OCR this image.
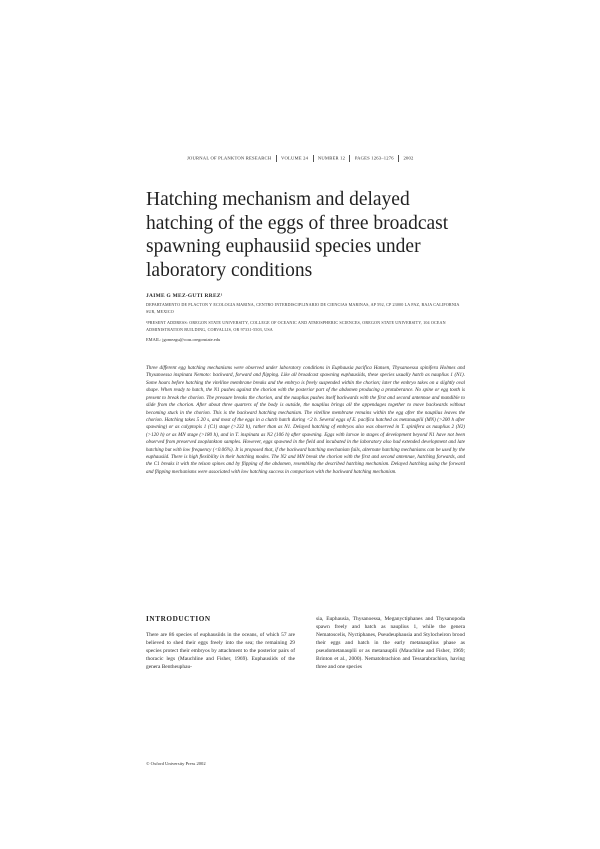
JOURNAL OF PLANKTON RESEARCH VOLUME 24 NUMBER 12 PAGES 1263–1276 2002
Hatching mechanism and delayed hatching of the eggs of three broadcast spawning euphausiid species under laboratory conditions
JAIME G MEZ-GUTI RREZ¹
DEPARTAMENTO DE PLACTON Y ECOLOGIA MARINA, CENTRO INTERDISCIPLINARIO DE CIENCIAS MARINAS, AP 592, CP 23000 LA PAZ, BAJA CALIFORNIA SUR, MEXICO
¹PRESENT ADDRESS: OREGON STATE UNIVERSITY, COLLEGE OF OCEANIC AND ATMOSPHERIC SCIENCES, OREGON STATE UNIVERSITY, 104 OCEAN ADMINISTRATION BUILDING, CORVALLIS, OR 97331-5503, USA
EMAIL: jgomezgu@coas.oregonstate.edu

Three different egg hatching mechanisms were observed under laboratory conditions in Euphausia pacifica Hansen, Thysanoessa spinifera Holmes and Thysanoessa inspinata Nemoto: backward, forward and flipping. Like all broadcast spawning euphausiids, these species usually hatch as nauplius 1 (N1). Some hours before hatching the vitelline membrane breaks and the embryo is freely suspended within the chorion; later the embryo takes on a slightly oval shape. When ready to hatch, the N1 pushes against the chorion with the posterior part of the abdomen producing a protuberance. No spine or egg tooth is present to break the chorion. The pressure breaks the chorion, and the nauplius pushes itself backwards with the first and second antennae and mandible to slide from the chorion. After about three quarters of the body is outside, the nauplius brings all the appendages together to move backwards without becoming stuck in the chorion. This is the backward hatching mechanism. The vitelline membrane remains within the egg after the nauplius leaves the chorion. Hatching takes 5 20 s, and most of the eggs in a clutch hatch during <2 h. Several eggs of E. pacifica hatched as metanauplii (MN) (>200 h after spawning) or as calyptopis 1 (C1) stage (>232 h), rather than as N1. Delayed hatching of embryos also was observed in T. spinifera as nauplius 2 (N2) (>120 h) or as MN stage (>180 h), and in T. inspinata as N2 (106 h) after spawning. Eggs with larvae in stages of development beyond N1 have not been observed from preserved zooplankton samples. However, eggs spawned in the field and incubated in the laboratory also had extended development and late hatching but with low frequency (<0.06%). It is proposed that, if the backward hatching mechanism fails, alternate hatching mechanisms can be used by the euphausiid. There is high flexibility in their hatching modes. The N2 and MN break the chorion with the first and second antennae, hatching forwards, and the C1 breaks it with the telson spines and by flipping of the abdomen, resembling the described hatching mechanism. Delayed hatching using the forward and flipping mechanisms were associated with low hatching success in comparison with the backward hatching mechanism.

INTRODUCTION

There are 86 species of euphausiids in the oceans, of which 57 are believed to shed their eggs freely into the sea; the remaining 29 species protect their embryos by attachment to the posterior pairs of thoracic legs (Mauchline and Fisher, 1969). Euphausiids of the genera Bentheuphau-

sia, Euphausia, Thysanoessa, Meganyctiphanes and Thysanopoda spawn freely and hatch as nauplius 1, while the genera Nematoscelis, Nyctiphanes, Pseudeuphausia and Stylocheiron brood their eggs and hatch in the early metanauplius phase as pseudometanauplii or as metanauplii (Mauchline and Fisher, 1969; Brinton et al., 2000). Nematobrachion and Tessarabrachion, having three and one species

© Oxford University Press 2002
